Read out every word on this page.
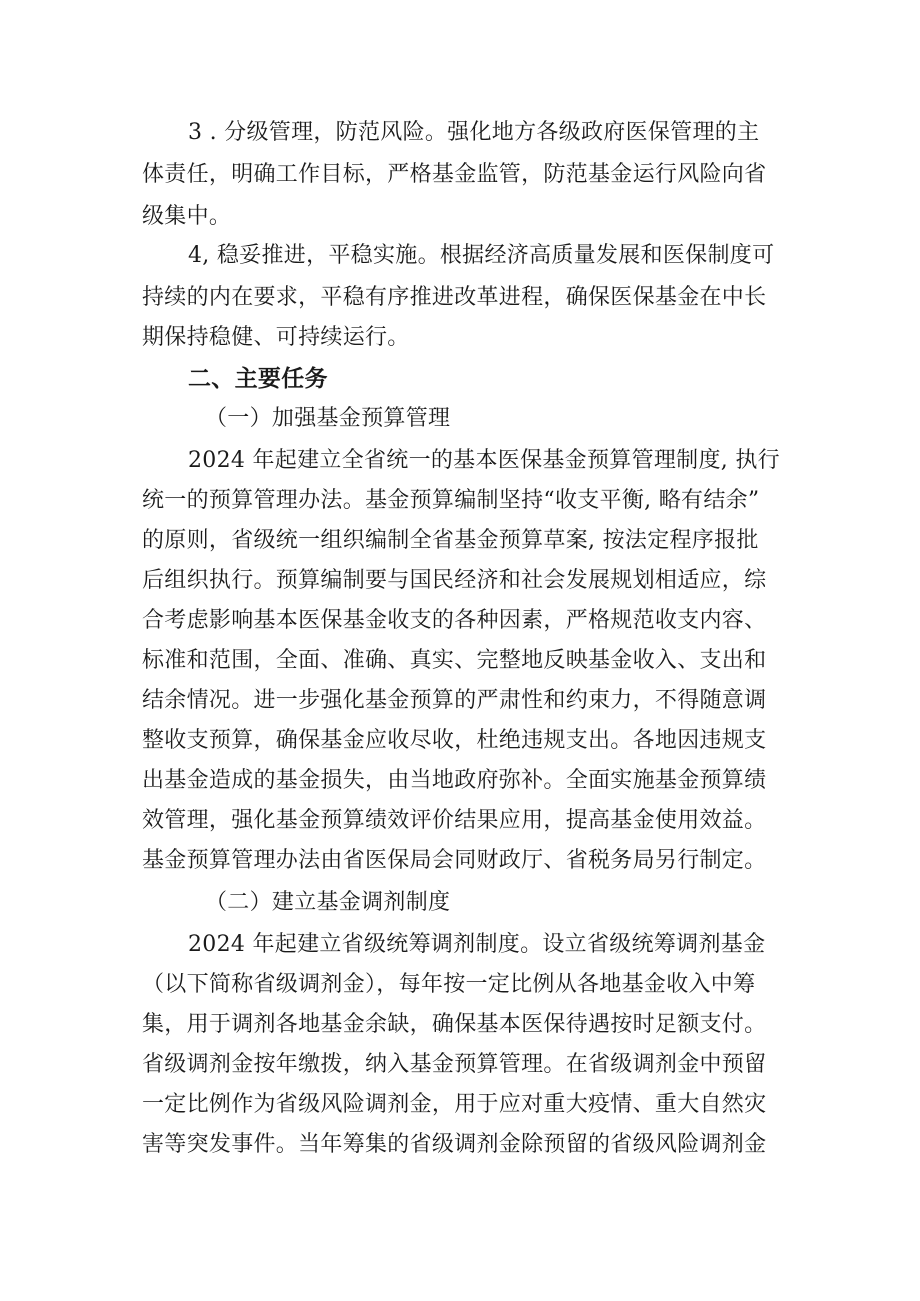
3 . 分级管理，防范风险。强化地方各级政府医保管理的主
体责任，明确工作目标，严格基金监管，防范基金运行风险向省
级集中。
4, 稳妥推进，平稳实施。根据经济高质量发展和医保制度可
持续的内在要求，平稳有序推进改革进程，确保医保基金在中长
期保持稳健、可持续运行。
二、主要任务
（一）加强基金预算管理
2024 年起建立全省统一的基本医保基金预算管理制度, 执行
统一的预算管理办法。基金预算编制坚持“收支平衡, 略有结余”
的原则，省级统一组织编制全省基金预算草案, 按法定程序报批
后组织执行。预算编制要与国民经济和社会发展规划相适应，综
合考虑影响基本医保基金收支的各种因素，严格规范收支内容、
标准和范围，全面、准确、真实、完整地反映基金收入、支出和
结余情况。进一步强化基金预算的严肃性和约束力，不得随意调
整收支预算，确保基金应收尽收，杜绝违规支出。各地因违规支
出基金造成的基金损失，由当地政府弥补。全面实施基金预算绩
效管理，强化基金预算绩效评价结果应用，提高基金使用效益。
基金预算管理办法由省医保局会同财政厅、省税务局另行制定。
（二）建立基金调剂制度
2024 年起建立省级统筹调剂制度。设立省级统筹调剂基金
（以下简称省级调剂金），每年按一定比例从各地基金收入中筹
集，用于调剂各地基金余缺，确保基本医保待遇按时足额支付。
省级调剂金按年缴拨，纳入基金预算管理。在省级调剂金中预留
一定比例作为省级风险调剂金，用于应对重大疫情、重大自然灾
害等突发事件。当年筹集的省级调剂金除预留的省级风险调剂金
